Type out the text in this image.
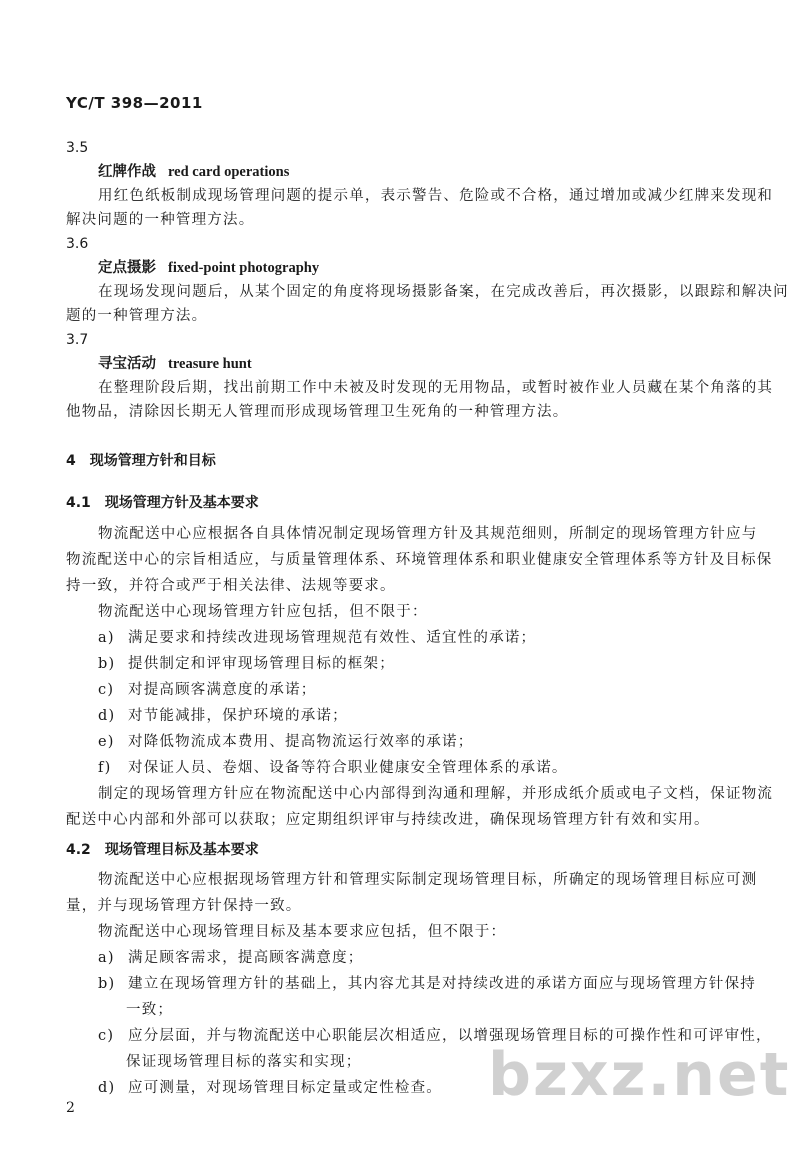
YC/T 398—2011
3.5
红牌作战 red card operations
用红色纸板制成现场管理问题的提示单，表示警告、危险或不合格，通过增加或减少红牌来发现和
解决问题的一种管理方法。
3.6
定点摄影 fixed-point photography
在现场发现问题后，从某个固定的角度将现场摄影备案，在完成改善后，再次摄影，以跟踪和解决问
题的一种管理方法。
3.7
寻宝活动 treasure hunt
在整理阶段后期，找出前期工作中未被及时发现的无用物品，或暂时被作业人员藏在某个角落的其
他物品，清除因长期无人管理而形成现场管理卫生死角的一种管理方法。
4 现场管理方针和目标
4.1 现场管理方针及基本要求
物流配送中心应根据各自具体情况制定现场管理方针及其规范细则，所制定的现场管理方针应与
物流配送中心的宗旨相适应，与质量管理体系、环境管理体系和职业健康安全管理体系等方针及目标保
持一致，并符合或严于相关法律、法规等要求。
物流配送中心现场管理方针应包括，但不限于：
a) 满足要求和持续改进现场管理规范有效性、适宜性的承诺；
b) 提供制定和评审现场管理目标的框架；
c) 对提高顾客满意度的承诺；
d) 对节能减排，保护环境的承诺；
e) 对降低物流成本费用、提高物流运行效率的承诺；
f) 对保证人员、卷烟、设备等符合职业健康安全管理体系的承诺。
制定的现场管理方针应在物流配送中心内部得到沟通和理解，并形成纸介质或电子文档，保证物流
配送中心内部和外部可以获取；应定期组织评审与持续改进，确保现场管理方针有效和实用。
4.2 现场管理目标及基本要求
物流配送中心应根据现场管理方针和管理实际制定现场管理目标，所确定的现场管理目标应可测
量，并与现场管理方针保持一致。
物流配送中心现场管理目标及基本要求应包括，但不限于：
a) 满足顾客需求，提高顾客满意度；
b) 建立在现场管理方针的基础上，其内容尤其是对持续改进的承诺方面应与现场管理方针保持
一致；
c) 应分层面，并与物流配送中心职能层次相适应，以增强现场管理目标的可操作性和可评审性，
保证现场管理目标的落实和实现；
d) 应可测量，对现场管理目标定量或定性检查。
2	bzxz.net
